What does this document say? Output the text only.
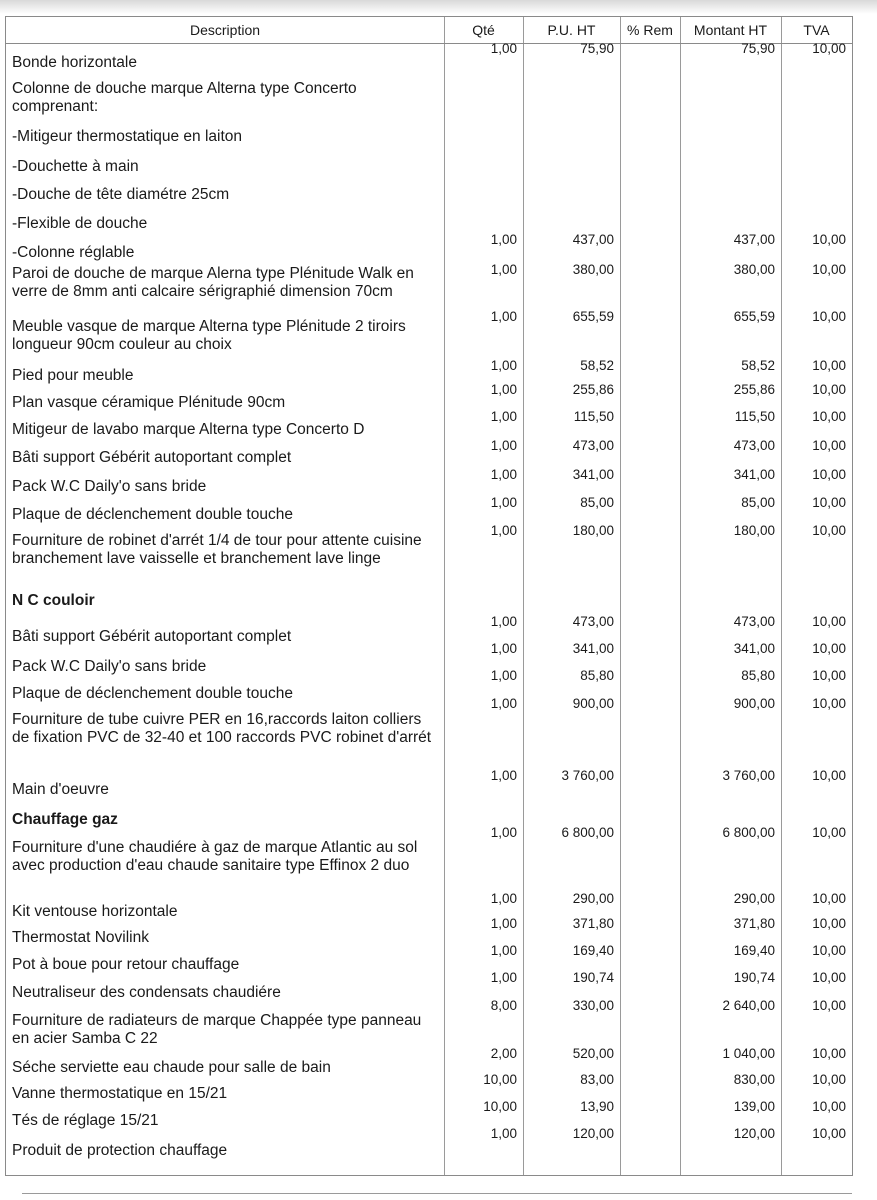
Description	Qté	P.U. HT	% Rem	Montant HT	TVA
Bonde horizontale
1,00	75,90	75,90	10,00
Colonne de douche marque Alterna type Concerto comprenant:
-Mitigeur thermostatique en laiton
-Douchette à main
-Douche de tête diamétre 25cm
-Flexible de douche
-Colonne réglable
1,00	437,00	437,00	10,00
Paroi de douche de marque Alerna type Plénitude Walk en verre de 8mm anti calcaire sérigraphié dimension 70cm
1,00	380,00	380,00	10,00
Meuble vasque de marque Alterna type Plénitude 2 tiroirs longueur 90cm couleur au choix
1,00	655,59	655,59	10,00
Pied pour meuble
1,00	58,52	58,52	10,00
Plan vasque céramique Plénitude 90cm
1,00	255,86	255,86	10,00
Mitigeur de lavabo marque Alterna type Concerto D
1,00	115,50	115,50	10,00
Bâti support Gébérit autoportant complet
1,00	473,00	473,00	10,00
Pack W.C Daily'o sans bride
1,00	341,00	341,00	10,00
Plaque de déclenchement double touche
1,00	85,00	85,00	10,00
Fourniture de robinet d'arrét 1/4 de tour pour attente cuisine branchement lave vaisselle et branchement lave linge
1,00	180,00	180,00	10,00
N C couloir
Bâti support Gébérit autoportant complet
1,00	473,00	473,00	10,00
Pack W.C Daily'o sans bride
1,00	341,00	341,00	10,00
Plaque de déclenchement double touche
1,00	85,80	85,80	10,00
Fourniture de tube cuivre PER en 16,raccords laiton colliers de fixation PVC de 32-40 et 100 raccords PVC robinet d'arrét
1,00	900,00	900,00	10,00
Main d'oeuvre
1,00	3 760,00	3 760,00	10,00
Chauffage gaz
Fourniture d'une chaudiére à gaz de marque Atlantic au sol avec production d'eau chaude sanitaire type Effinox 2 duo
1,00	6 800,00	6 800,00	10,00
Kit ventouse horizontale
1,00	290,00	290,00	10,00
Thermostat Novilink
1,00	371,80	371,80	10,00
Pot à boue pour retour chauffage
1,00	169,40	169,40	10,00
Neutraliseur des condensats chaudiére
1,00	190,74	190,74	10,00
Fourniture de radiateurs de marque Chappée type panneau en acier Samba C 22
8,00	330,00	2 640,00	10,00
Séche serviette eau chaude pour salle de bain
2,00	520,00	1 040,00	10,00
Vanne thermostatique en 15/21
10,00	83,00	830,00	10,00
Tés de réglage 15/21
10,00	13,90	139,00	10,00
Produit de protection chauffage
1,00	120,00	120,00	10,00
